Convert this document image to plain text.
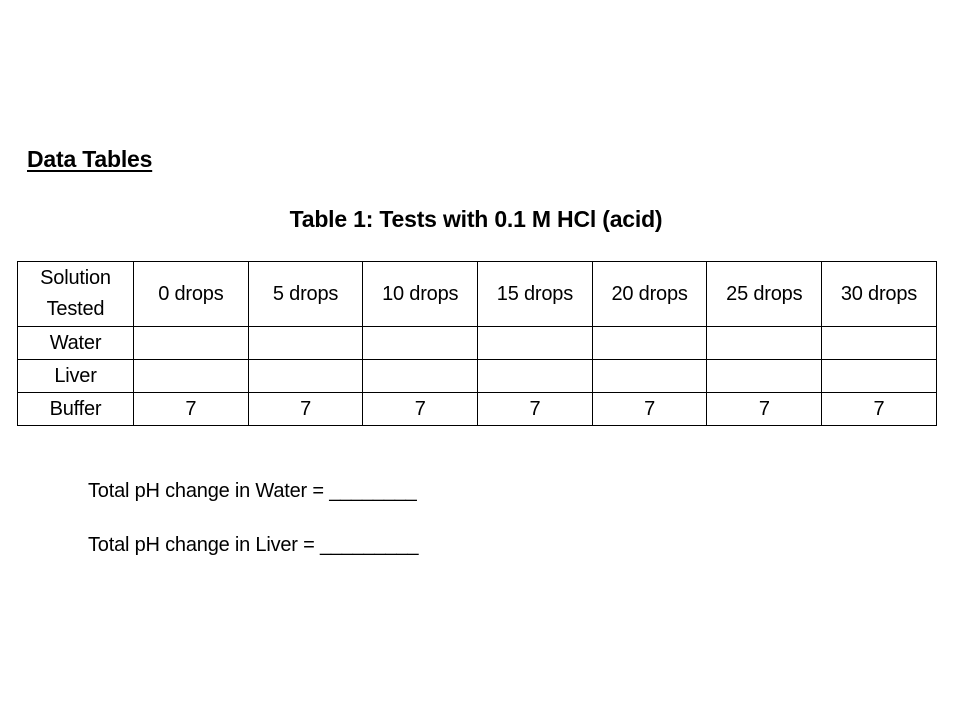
Data Tables
Table 1: Tests with 0.1 M HCl (acid)
Solution
Tested	0 drops	5 drops	10 drops	15 drops	20 drops	25 drops	30 drops
Water							
Liver							
Buffer	7	7	7	7	7	7	7
Total pH change in Water = ________
Total pH change in Liver = _________
